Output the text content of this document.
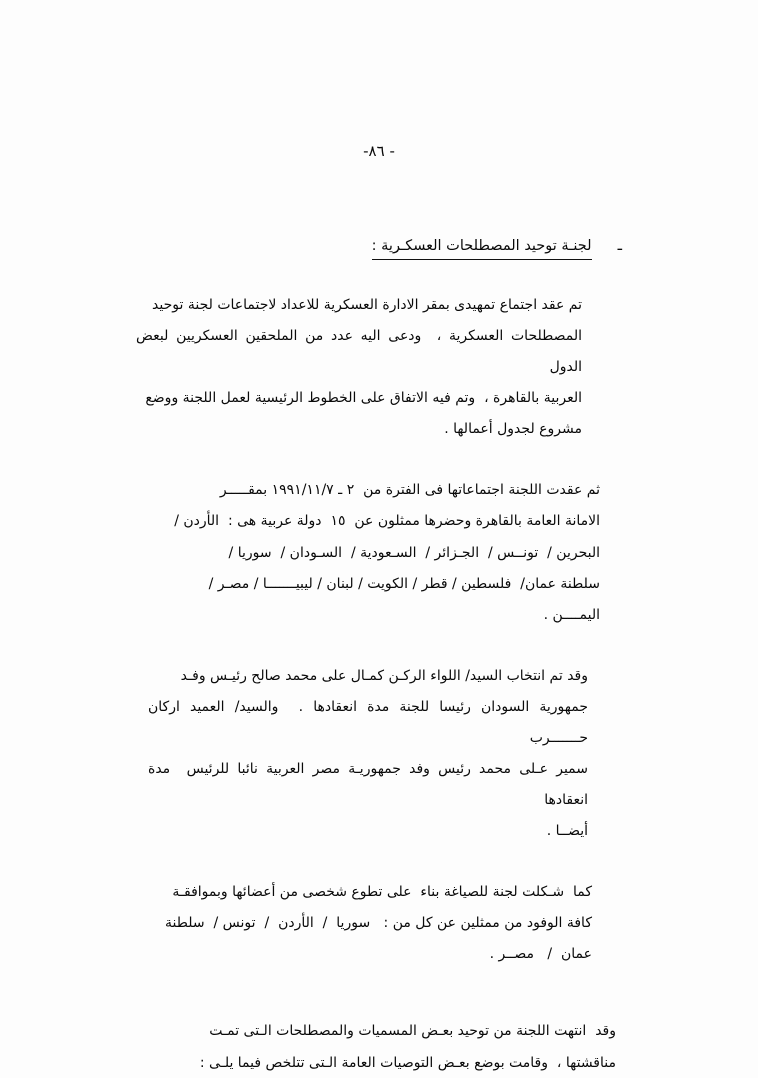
‑ ٨٦‑
ـ
لجنـة توحيد المصطلحات العسكـرية :
تم عقد اجتماع تمهيدى بمقر الادارة العسكرية للاعداد لاجتماعات لجنة توحيد
المصطلحات العسكرية ،  ودعى اليه عدد من الملحقين العسكريين لبعض الدول
العربية بالقاهرة ،  وتم فيه الاتفاق على الخطوط الرئيسية لعمل اللجنة ووضع
مشروع لجدول أعمالها .
ثم عقدت اللجنة اجتماعاتها فى الفترة من  ٢ ـ ١٩٩١/١١/٧ بمقـــــر
الامانة العامة بالقاهرة وحضرها ممثلون عن  ١٥  دولة عربية هى :  الأردن /
البحرين /  تونــس /  الجـزائر /  السـعودية /  السـودان /  سوريا /
سلطنة عمان/  فلسطين / قطر / الكويت / لبنان / ليبيـــــــا / مصـر /
اليمــــن .
وقد تم انتخاب السيد/ اللواء الركـن كمـال على محمد صالح رئيـس وفـد
جمهورية السودان رئيسا للجنة مدة انعقادها .  والسيد/ العميد اركان حـــــــرب
سمير عـلى محمد رئيس وفد جمهوريـة مصر العربية نائبا للرئيس  مدة انعقادها
أيضــا .
كما  شـكلت لجنة للصياغة بناء  على تطوع شخصى من أعضائها وبموافقـة
كافة الوفود من ممثلين عن كل من :   سوريا  /  الأردن  /  تونس /  سلطنة
عمان  /   مصــر .
وقد  انتهت اللجنة من توحيد بعـض المسميات والمصطلحات الـتى تمـت
مناقشتها ،  وقامت بوضع بعـض التوصيات العامة الـتى تتلخص فيما يلـى :
